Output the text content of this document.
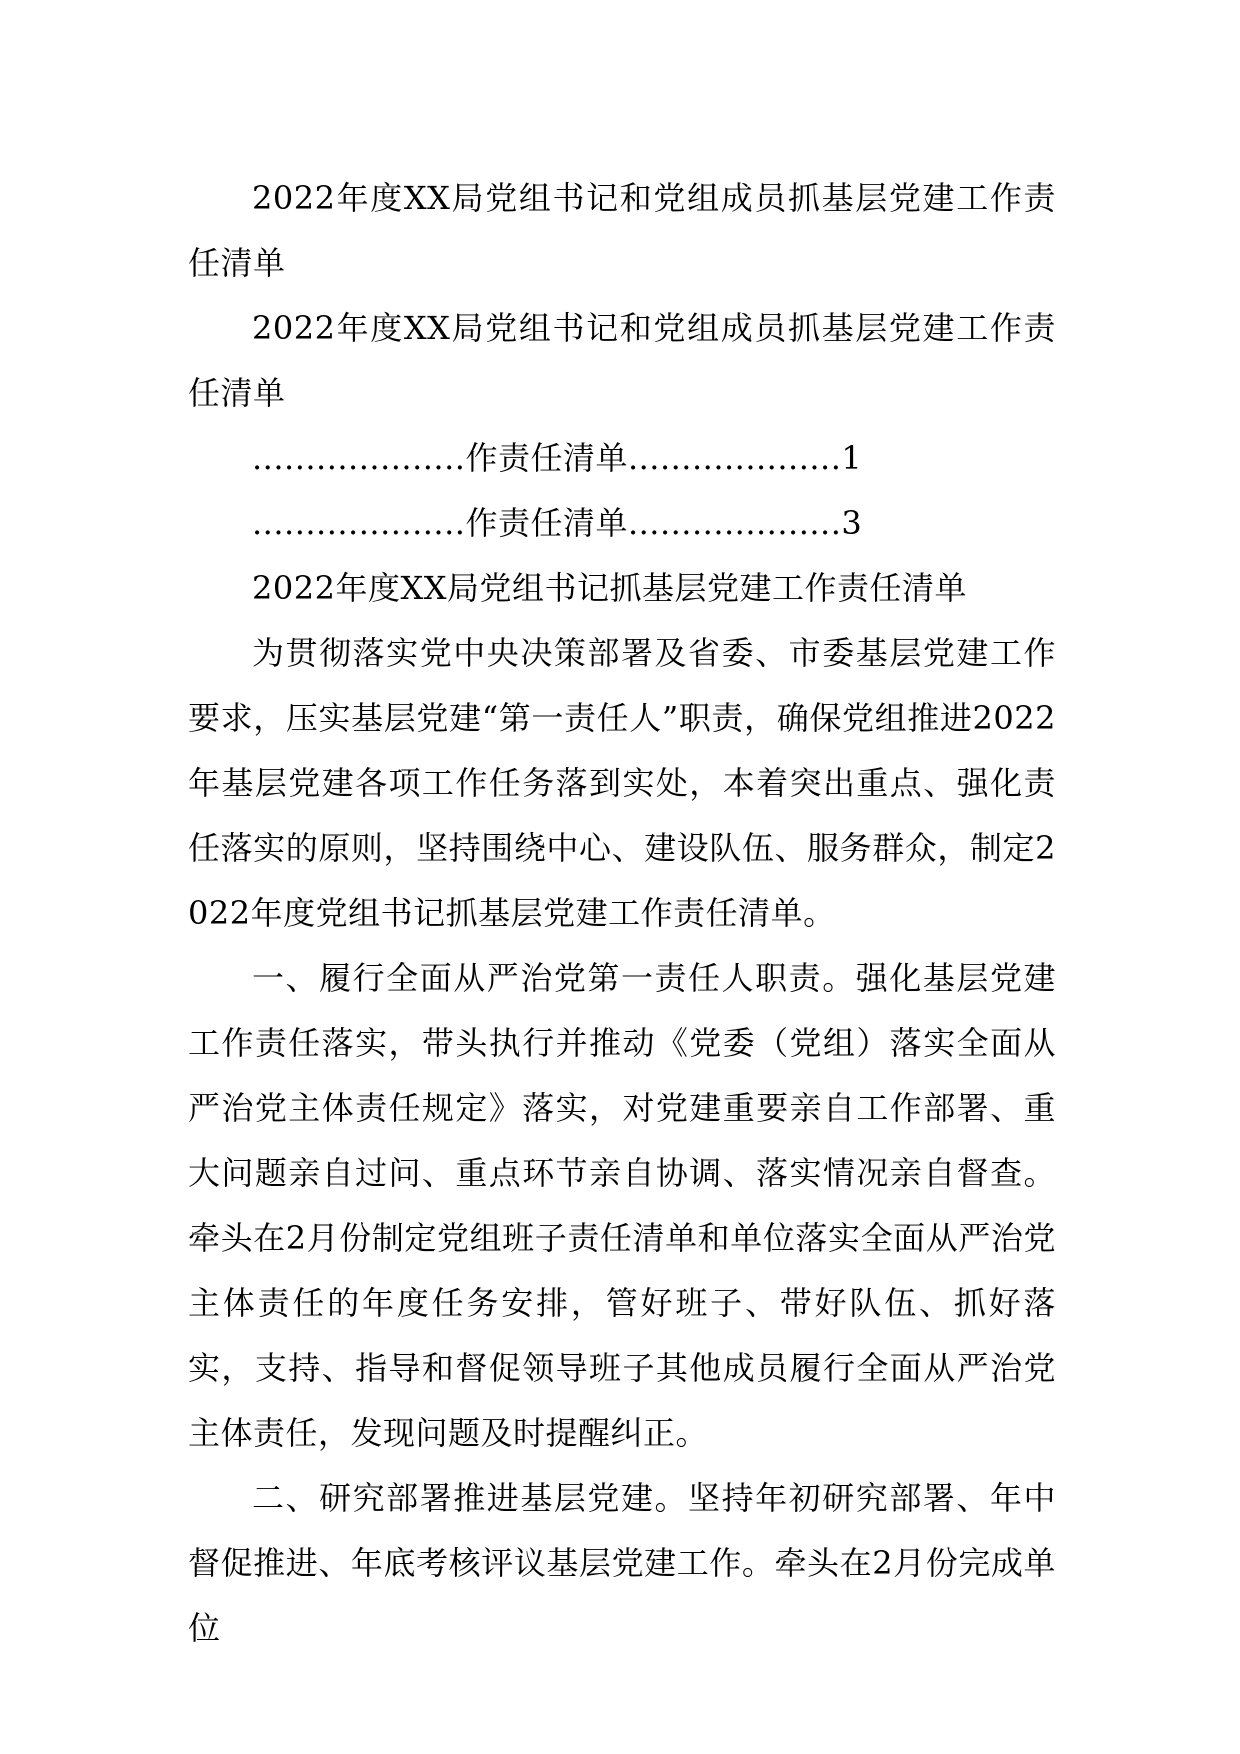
2022年度XX局党组书记和党组成员抓基层党建工作责任清单

2022年度XX局党组书记和党组成员抓基层党建工作责任清单

....................作责任清单....................1

....................作责任清单....................3

2022年度XX局党组书记抓基层党建工作责任清单

为贯彻落实党中央决策部署及省委、市委基层党建工作要求，压实基层党建“第一责任人”职责，确保党组推进2022年基层党建各项工作任务落到实处，本着突出重点、强化责任落实的原则，坚持围绕中心、建设队伍、服务群众，制定2022年度党组书记抓基层党建工作责任清单。

一、履行全面从严治党第一责任人职责。强化基层党建工作责任落实，带头执行并推动《党委（党组）落实全面从严治党主体责任规定》落实，对党建重要亲自工作部署、重大问题亲自过问、重点环节亲自协调、落实情况亲自督查。牵头在2月份制定党组班子责任清单和单位落实全面从严治党主体责任的年度任务安排，管好班子、带好队伍、抓好落实，支持、指导和督促领导班子其他成员履行全面从严治党主体责任，发现问题及时提醒纠正。

二、研究部署推进基层党建。坚持年初研究部署、年中督促推进、年底考核评议基层党建工作。牵头在2月份完成单位
